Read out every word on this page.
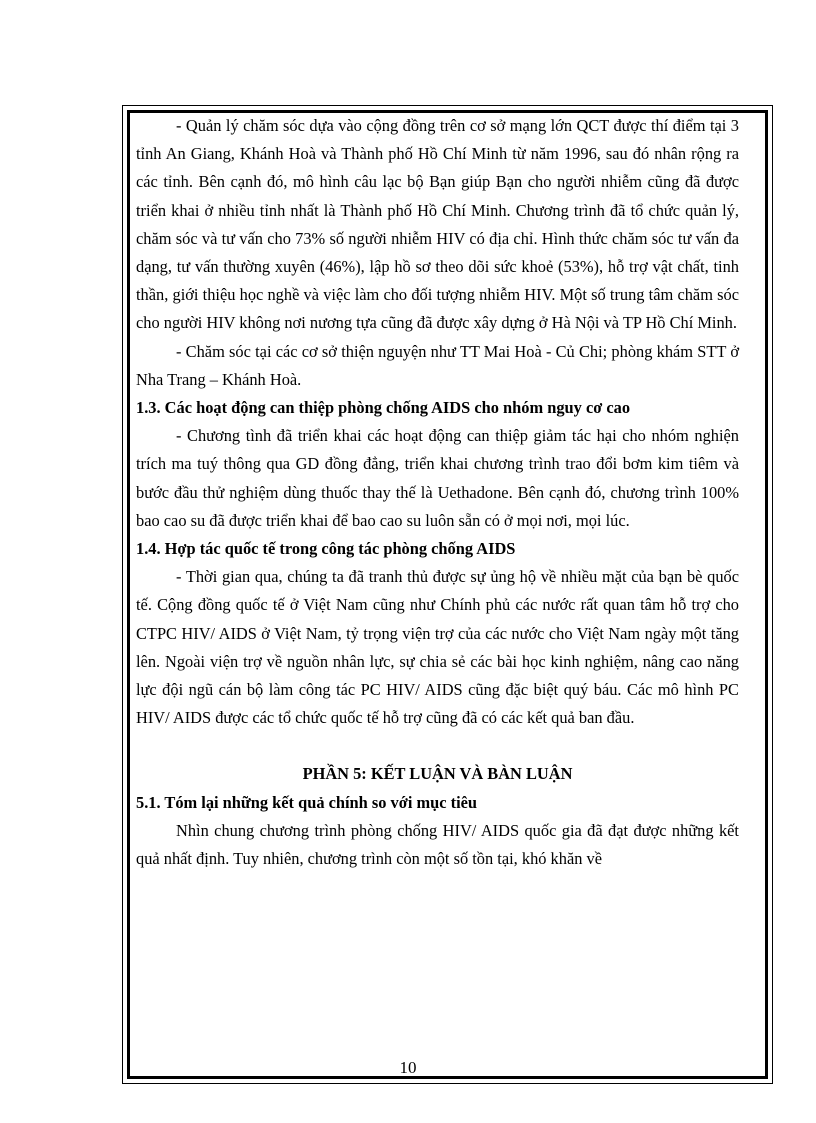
- Quản lý chăm sóc dựa vào cộng đồng trên cơ sở mạng lớn QCT được thí điểm tại 3 tỉnh An Giang, Khánh Hoà và Thành phố Hồ Chí Minh từ năm 1996, sau đó nhân rộng ra các tỉnh. Bên cạnh đó, mô hình câu lạc bộ Bạn giúp Bạn cho người nhiễm cũng đã được triển khai ở nhiều tỉnh nhất là Thành phố Hồ Chí Minh. Chương trình đã tổ chức quản lý, chăm sóc và tư vấn cho 73% số người nhiễm HIV có địa chỉ. Hình thức chăm sóc tư vấn đa dạng, tư vấn thường xuyên (46%), lập hồ sơ theo dõi sức khoẻ (53%), hỗ trợ vật chất, tinh thần, giới thiệu học nghề và việc làm cho đối tượng nhiễm HIV. Một số trung tâm chăm sóc cho người HIV không nơi nương tựa cũng đã được xây dựng ở Hà Nội và TP Hồ Chí Minh.

- Chăm sóc tại các cơ sở thiện nguyện như TT Mai Hoà - Củ Chi; phòng khám STT ở Nha Trang – Khánh Hoà.

1.3. Các hoạt động can thiệp phòng chống AIDS cho nhóm nguy cơ cao

- Chương tình đã triển khai các hoạt động can thiệp giảm tác hại cho nhóm nghiện trích ma tuý thông qua GD đồng đẳng, triển khai chương trình trao đổi bơm kim tiêm và bước đầu thử nghiệm dùng thuốc thay thế là Uethadone. Bên cạnh đó, chương trình 100% bao cao su đã được triển khai để bao cao su luôn sẵn có ở mọi nơi, mọi lúc.

1.4. Hợp tác quốc tế trong công tác phòng chống AIDS

- Thời gian qua, chúng ta đã tranh thủ được sự ủng hộ về nhiều mặt của bạn bè quốc tế. Cộng đồng quốc tế ở Việt Nam cũng như Chính phủ các nước rất quan tâm hỗ trợ cho CTPC HIV/ AIDS ở Việt Nam, tỷ trọng viện trợ của các nước cho Việt Nam ngày một tăng lên. Ngoài viện trợ về nguồn nhân lực, sự chia sẻ các bài học kinh nghiệm, nâng cao năng lực đội ngũ cán bộ làm công tác PC HIV/ AIDS cũng đặc biệt quý báu. Các mô hình PC HIV/ AIDS được các tổ chức quốc tế hỗ trợ cũng đã có các kết quả ban đầu.

PHẦN 5: KẾT LUẬN VÀ BÀN LUẬN

5.1. Tóm lại những kết quả chính so với mục tiêu

Nhìn chung chương trình phòng chống HIV/ AIDS quốc gia đã đạt được những kết quả nhất định. Tuy nhiên, chương trình còn một số tồn tại, khó khăn về

10
